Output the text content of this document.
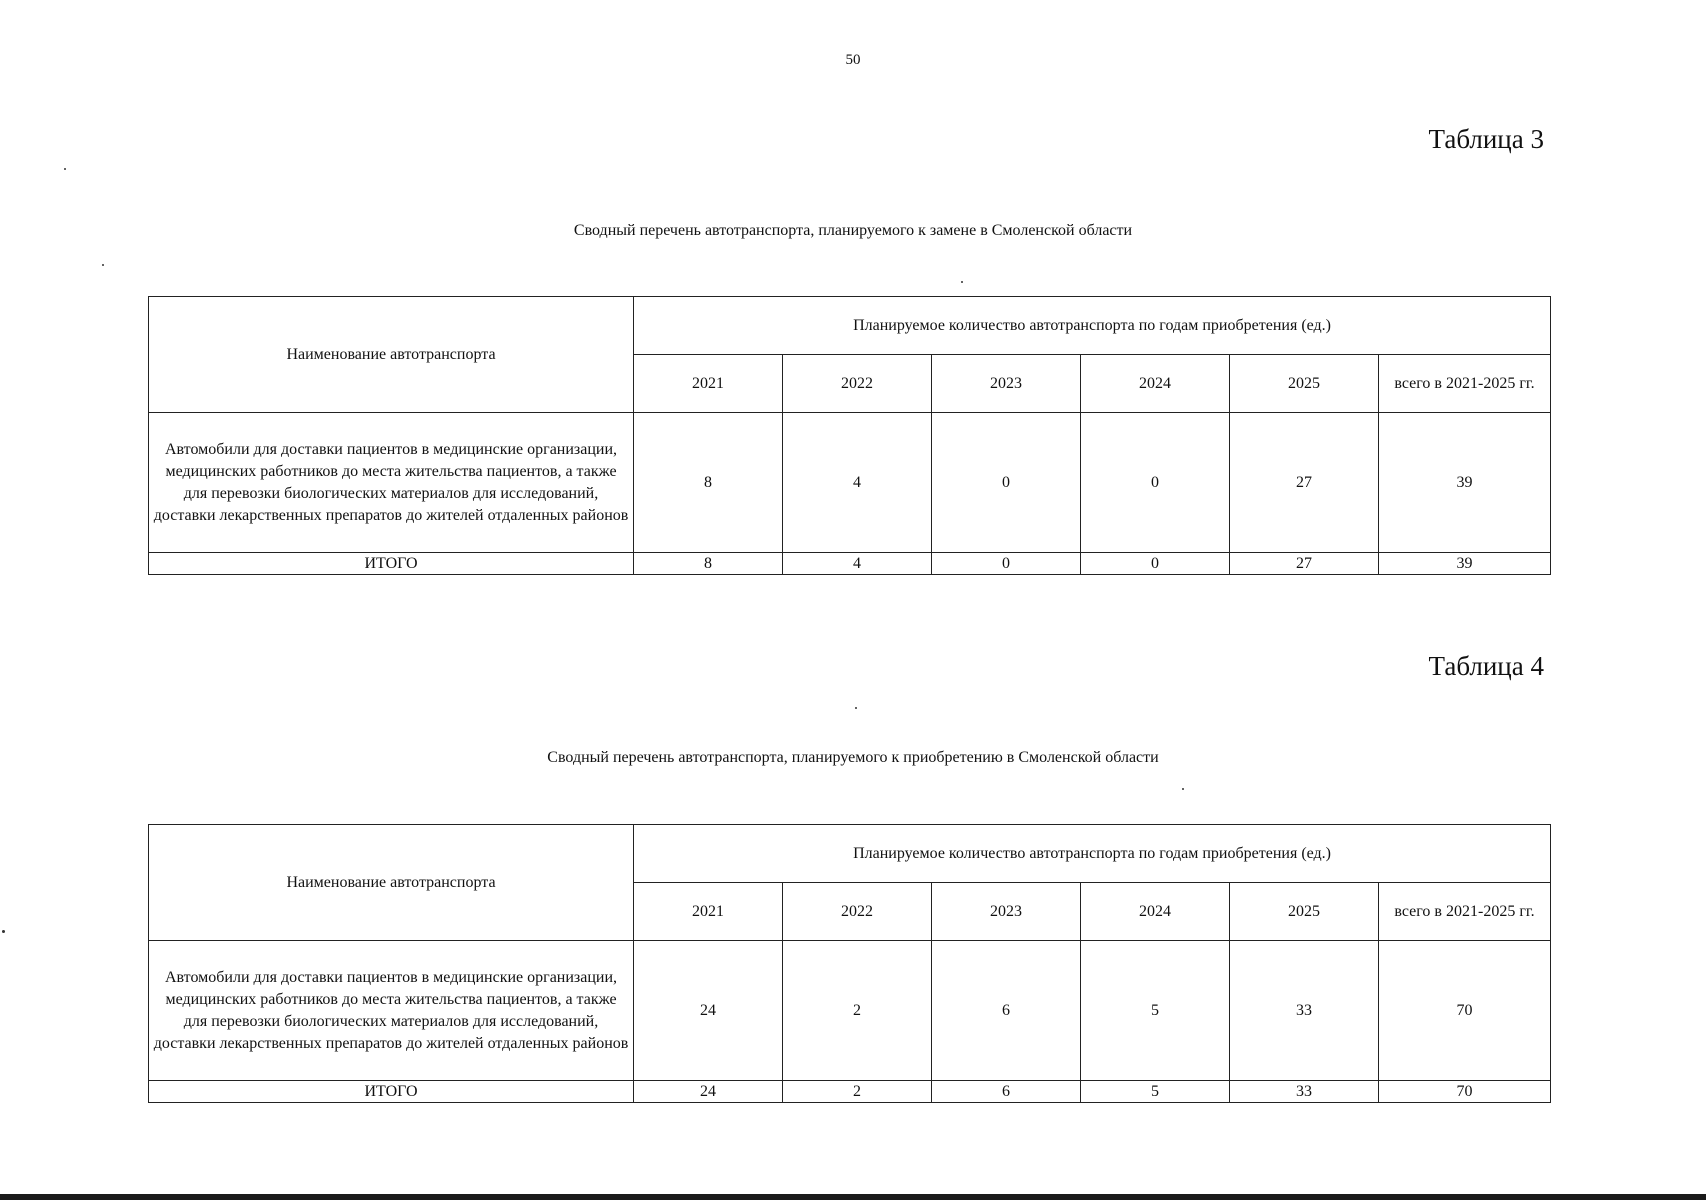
50
Таблица 3
Сводный перечень автотранспорта, планируемого к замене в Смоленской области
Наименование автотранспорта	Планируемое количество автотранспорта по годам приобретения (ед.)					
	2021	2022	2023	2024	2025	всего в 2021-2025 гг.
Автомобили для доставки пациентов в медицинские организации, медицинских работников до места жительства пациентов, а также для перевозки биологических материалов для исследований, доставки лекарственных препаратов до жителей отдаленных районов	8	4	0	0	27	39
ИТОГО	8	4	0	0	27	39
Таблица 4
Сводный перечень автотранспорта, планируемого к приобретению в Смоленской области
Наименование автотранспорта	Планируемое количество автотранспорта по годам приобретения (ед.)					
	2021	2022	2023	2024	2025	всего в 2021-2025 гг.
Автомобили для доставки пациентов в медицинские организации, медицинских работников до места жительства пациентов, а также для перевозки биологических материалов для исследований, доставки лекарственных препаратов до жителей отдаленных районов	24	2	6	5	33	70
ИТОГО	24	2	6	5	33	70
